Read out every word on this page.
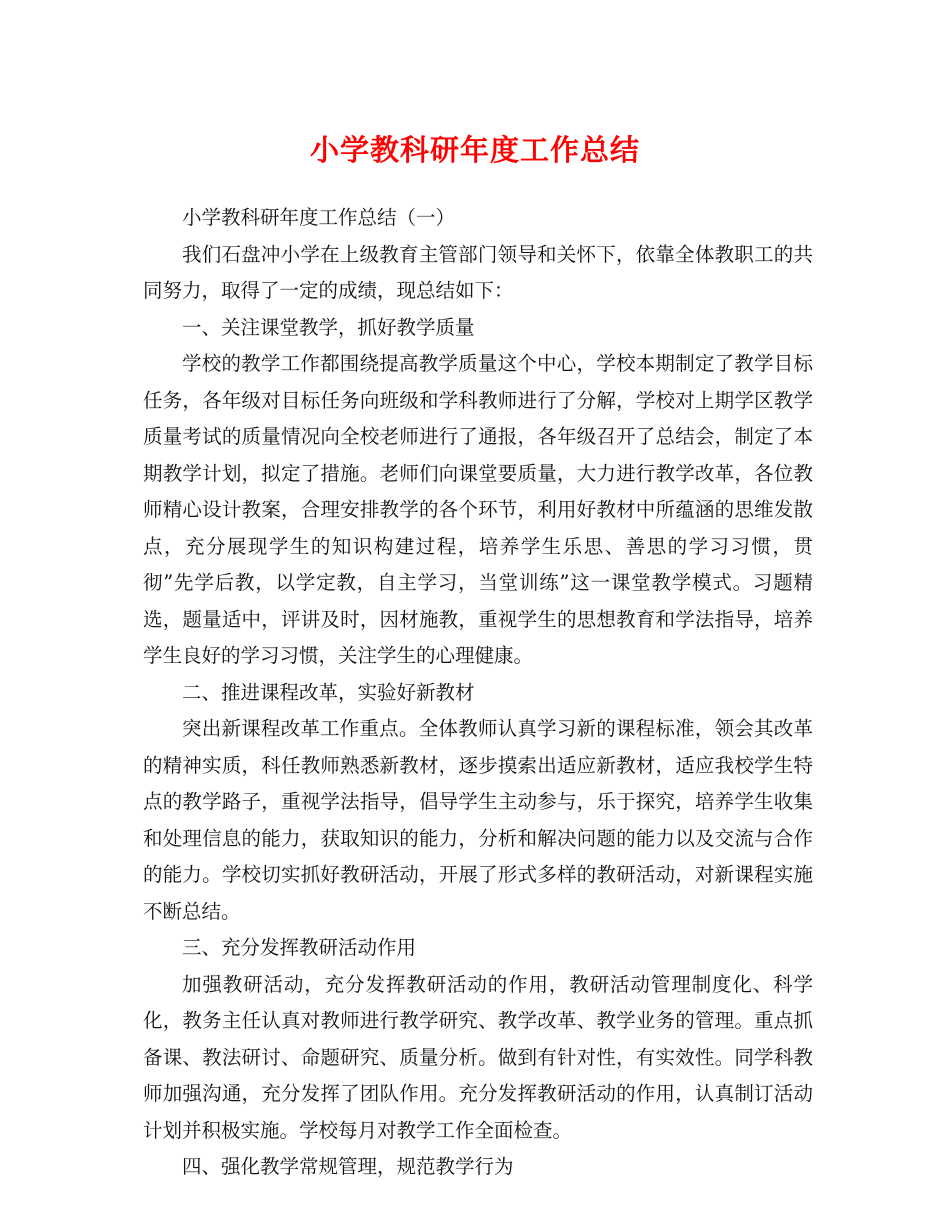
小学教科研年度工作总结

小学教科研年度工作总结（一）

我们石盘冲小学在上级教育主管部门领导和关怀下，依靠全体教职工的共同努力，取得了一定的成绩，现总结如下：

一、关注课堂教学，抓好教学质量

学校的教学工作都围绕提高教学质量这个中心，学校本期制定了教学目标任务，各年级对目标任务向班级和学科教师进行了分解，学校对上期学区教学质量考试的质量情况向全校老师进行了通报，各年级召开了总结会，制定了本期教学计划，拟定了措施。老师们向课堂要质量，大力进行教学改革，各位教师精心设计教案，合理安排教学的各个环节，利用好教材中所蕴涵的思维发散点，充分展现学生的知识构建过程，培养学生乐思、善思的学习习惯，贯彻”先学后教，以学定教，自主学习，当堂训练”这一课堂教学模式。习题精选，题量适中，评讲及时，因材施教，重视学生的思想教育和学法指导，培养学生良好的学习习惯，关注学生的心理健康。

二、推进课程改革，实验好新教材

突出新课程改革工作重点。全体教师认真学习新的课程标准，领会其改革的精神实质，科任教师熟悉新教材，逐步摸索出适应新教材，适应我校学生特点的教学路子，重视学法指导，倡导学生主动参与，乐于探究，培养学生收集和处理信息的能力，获取知识的能力，分析和解决问题的能力以及交流与合作的能力。学校切实抓好教研活动，开展了形式多样的教研活动，对新课程实施不断总结。

三、充分发挥教研活动作用

加强教研活动，充分发挥教研活动的作用，教研活动管理制度化、科学化，教务主任认真对教师进行教学研究、教学改革、教学业务的管理。重点抓备课、教法研讨、命题研究、质量分析。做到有针对性，有实效性。同学科教师加强沟通，充分发挥了团队作用。充分发挥教研活动的作用，认真制订活动计划并积极实施。学校每月对教学工作全面检查。

四、强化教学常规管理，规范教学行为
